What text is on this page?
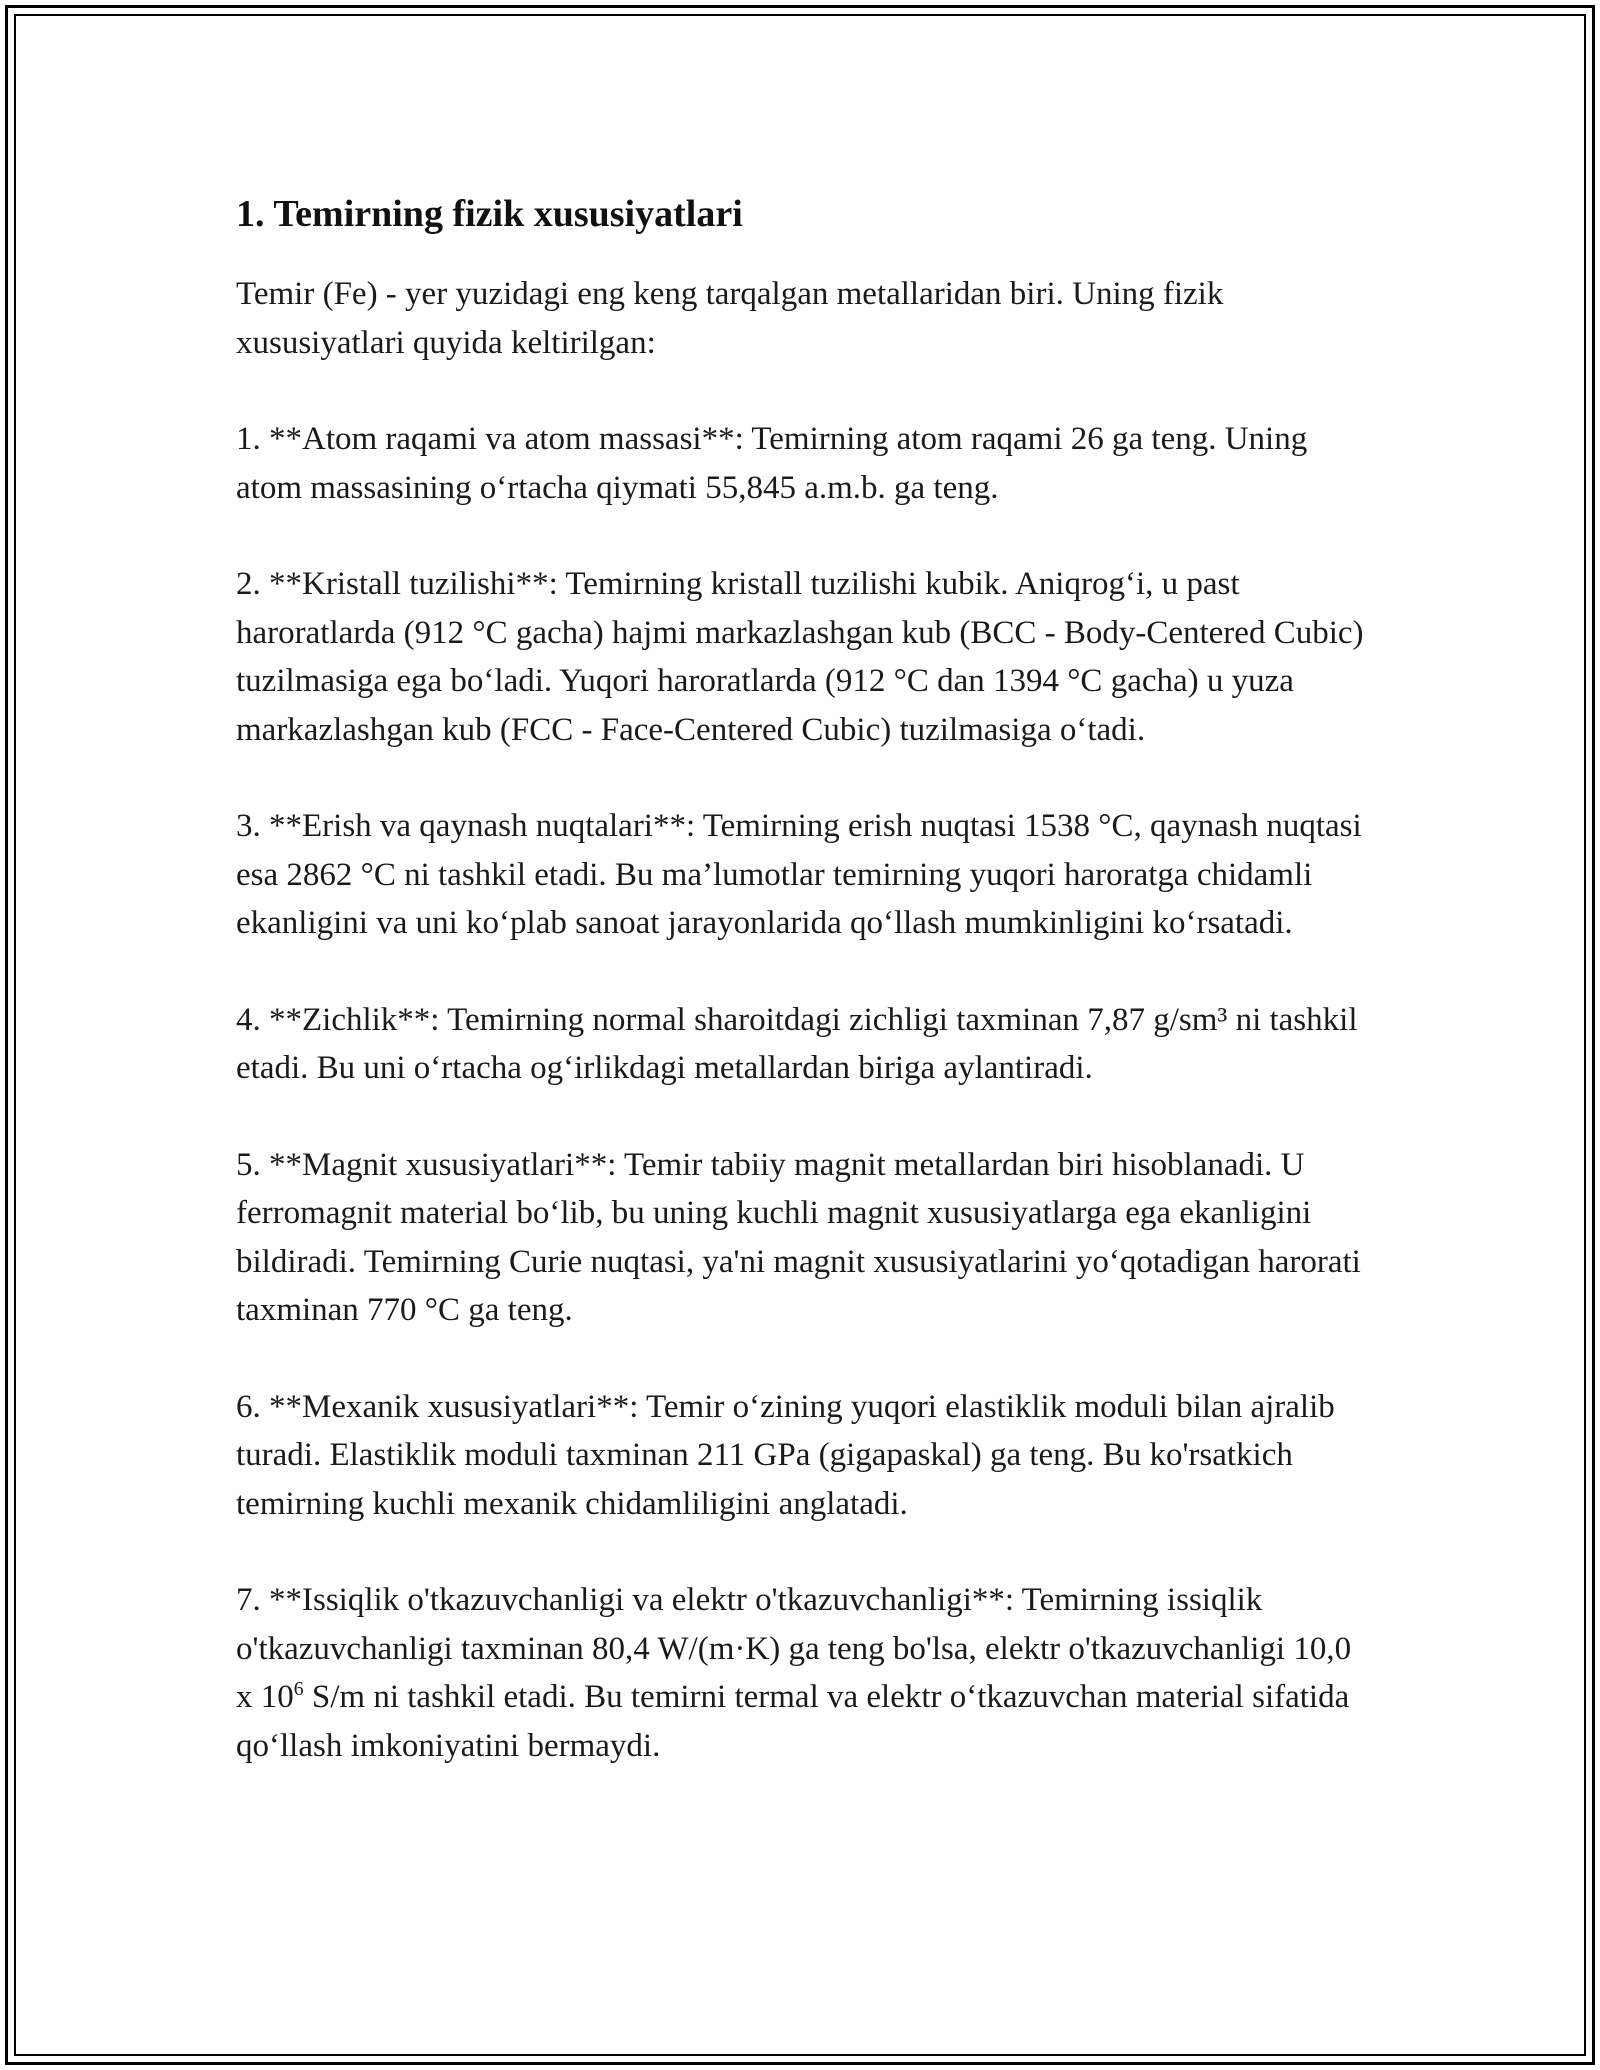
1. Temirning fizik xususiyatlari

Temir (Fe) - yer yuzidagi eng keng tarqalgan metallaridan biri. Uning fizik xususiyatlari quyida keltirilgan:

1. **Atom raqami va atom massasi**: Temirning atom raqami 26 ga teng. Uning atom massasining o‘rtacha qiymati 55,845 a.m.b. ga teng.

2. **Kristall tuzilishi**: Temirning kristall tuzilishi kubik. Aniqrog‘i, u past haroratlarda (912 °C gacha) hajmi markazlashgan kub (BCC - Body-Centered Cubic) tuzilmasiga ega bo‘ladi. Yuqori haroratlarda (912 °C dan 1394 °C gacha) u yuza markazlashgan kub (FCC - Face-Centered Cubic) tuzilmasiga o‘tadi.

3. **Erish va qaynash nuqtalari**: Temirning erish nuqtasi 1538 °C, qaynash nuqtasi esa 2862 °C ni tashkil etadi. Bu ma’lumotlar temirning yuqori haroratga chidamli ekanligini va uni ko‘plab sanoat jarayonlarida qo‘llash mumkinligini ko‘rsatadi.

4. **Zichlik**: Temirning normal sharoitdagi zichligi taxminan 7,87 g/sm³ ni tashkil etadi. Bu uni o‘rtacha og‘irlikdagi metallardan biriga aylantiradi.

5. **Magnit xususiyatlari**: Temir tabiiy magnit metallardan biri hisoblanadi. U ferromagnit material bo‘lib, bu uning kuchli magnit xususiyatlarga ega ekanligini bildiradi. Temirning Curie nuqtasi, ya'ni magnit xususiyatlarini yo‘qotadigan harorati taxminan 770 °C ga teng.

6. **Mexanik xususiyatlari**: Temir o‘zining yuqori elastiklik moduli bilan ajralib turadi. Elastiklik moduli taxminan 211 GPa (gigapaskal) ga teng. Bu ko'rsatkich temirning kuchli mexanik chidamliligini anglatadi.

7. **Issiqlik o'tkazuvchanligi va elektr o'tkazuvchanligi**: Temirning issiqlik o'tkazuvchanligi taxminan 80,4 W/(m·K) ga teng bo'lsa, elektr o'tkazuvchanligi 10,0 x $10^6$ S/m ni tashkil etadi. Bu temirni termal va elektr o‘tkazuvchan material sifatida qo‘llash imkoniyatini bermaydi.
